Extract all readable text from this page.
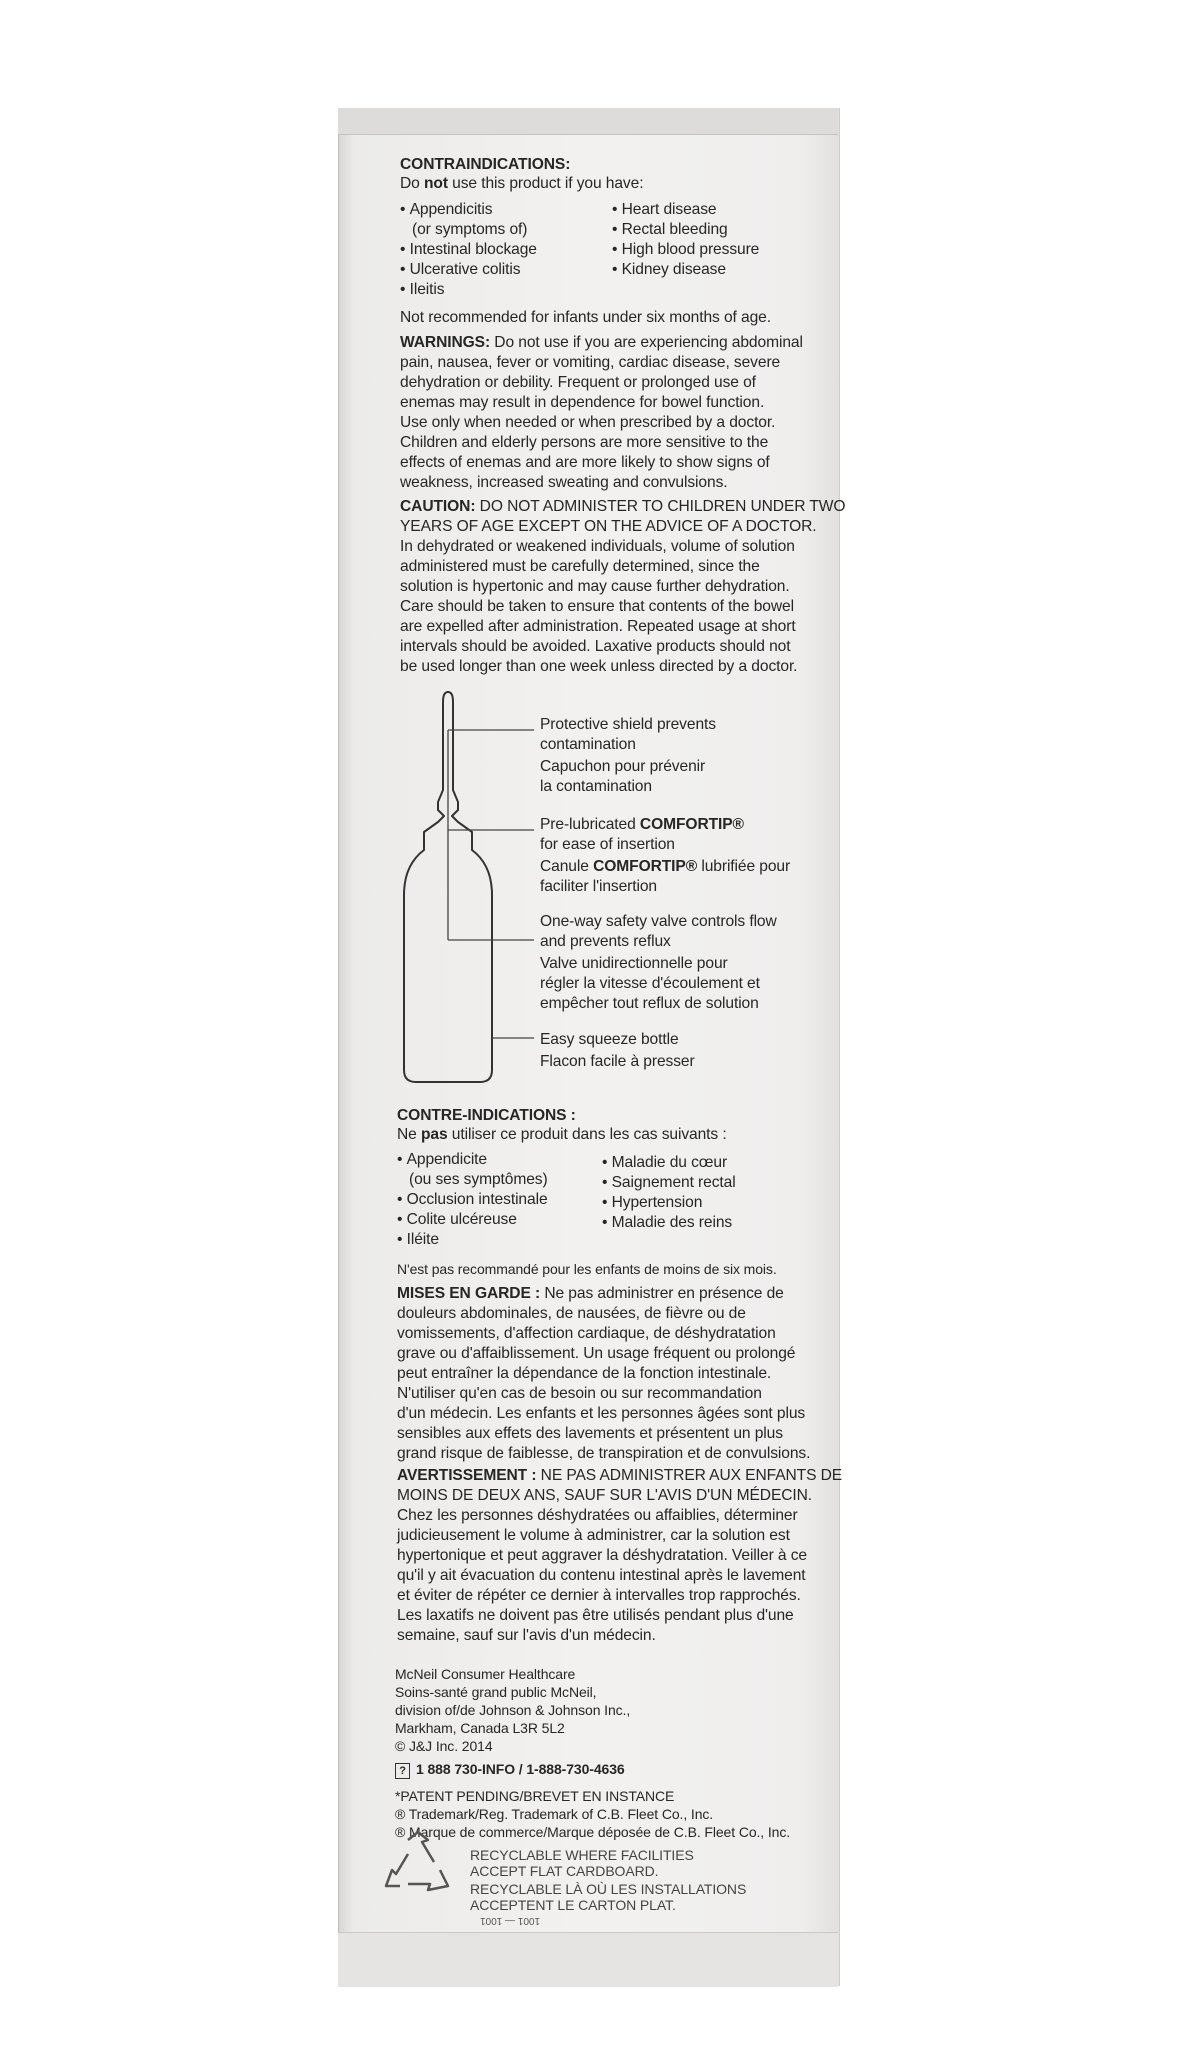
CONTRAINDICATIONS:
Do not use this product if you have:
• Appendicitis
(or symptoms of)
• Intestinal blockage
• Ulcerative colitis
• Ileitis
• Heart disease
• Rectal bleeding
• High blood pressure
• Kidney disease
Not recommended for infants under six months of age.
WARNINGS: Do not use if you are experiencing abdominal
pain, nausea, fever or vomiting, cardiac disease, severe
dehydration or debility. Frequent or prolonged use of
enemas may result in dependence for bowel function.
Use only when needed or when prescribed by a doctor.
Children and elderly persons are more sensitive to the
effects of enemas and are more likely to show signs of
weakness, increased sweating and convulsions.
CAUTION: DO NOT ADMINISTER TO CHILDREN UNDER TWO
YEARS OF AGE EXCEPT ON THE ADVICE OF A DOCTOR.
In dehydrated or weakened individuals, volume of solution
administered must be carefully determined, since the
solution is hypertonic and may cause further dehydration.
Care should be taken to ensure that contents of the bowel
are expelled after administration. Repeated usage at short
intervals should be avoided. Laxative products should not
be used longer than one week unless directed by a doctor.
Protective shield prevents
contamination
Capuchon pour prévenir
la contamination
Pre-lubricated COMFORTIP®
for ease of insertion
Canule COMFORTIP® lubrifiée pour
faciliter l'insertion
One-way safety valve controls flow
and prevents reflux
Valve unidirectionnelle pour
régler la vitesse d'écoulement et
empêcher tout reflux de solution
Easy squeeze bottle
Flacon facile à presser
CONTRE-INDICATIONS :
Ne pas utiliser ce produit dans les cas suivants :
• Appendicite
(ou ses symptômes)
• Occlusion intestinale
• Colite ulcéreuse
• Iléite
• Maladie du cœur
• Saignement rectal
• Hypertension
• Maladie des reins
N'est pas recommandé pour les enfants de moins de six mois.
MISES EN GARDE : Ne pas administrer en présence de
douleurs abdominales, de nausées, de fièvre ou de
vomissements, d'affection cardiaque, de déshydratation
grave ou d'affaiblissement. Un usage fréquent ou prolongé
peut entraîner la dépendance de la fonction intestinale.
N'utiliser qu'en cas de besoin ou sur recommandation
d'un médecin. Les enfants et les personnes âgées sont plus
sensibles aux effets des lavements et présentent un plus
grand risque de faiblesse, de transpiration et de convulsions.
AVERTISSEMENT : NE PAS ADMINISTRER AUX ENFANTS DE
MOINS DE DEUX ANS, SAUF SUR L'AVIS D'UN MÉDECIN.
Chez les personnes déshydratées ou affaiblies, déterminer
judicieusement le volume à administrer, car la solution est
hypertonique et peut aggraver la déshydratation. Veiller à ce
qu'il y ait évacuation du contenu intestinal après le lavement
et éviter de répéter ce dernier à intervalles trop rapprochés.
Les laxatifs ne doivent pas être utilisés pendant plus d'une
semaine, sauf sur l'avis d'un médecin.
McNeil Consumer Healthcare
Soins-santé grand public McNeil,
division of/de Johnson & Johnson Inc.,
Markham, Canada L3R 5L2
© J&J Inc. 2014
? 1 888 730-INFO / 1-888-730-4636
*PATENT PENDING/BREVET EN INSTANCE
® Trademark/Reg. Trademark of C.B. Fleet Co., Inc.
® Marque de commerce/Marque déposée de C.B. Fleet Co., Inc.
RECYCLABLE WHERE FACILITIES
ACCEPT FLAT CARDBOARD.
RECYCLABLE LÀ OÙ LES INSTALLATIONS
ACCEPTENT LE CARTON PLAT.
1001 — 1001
